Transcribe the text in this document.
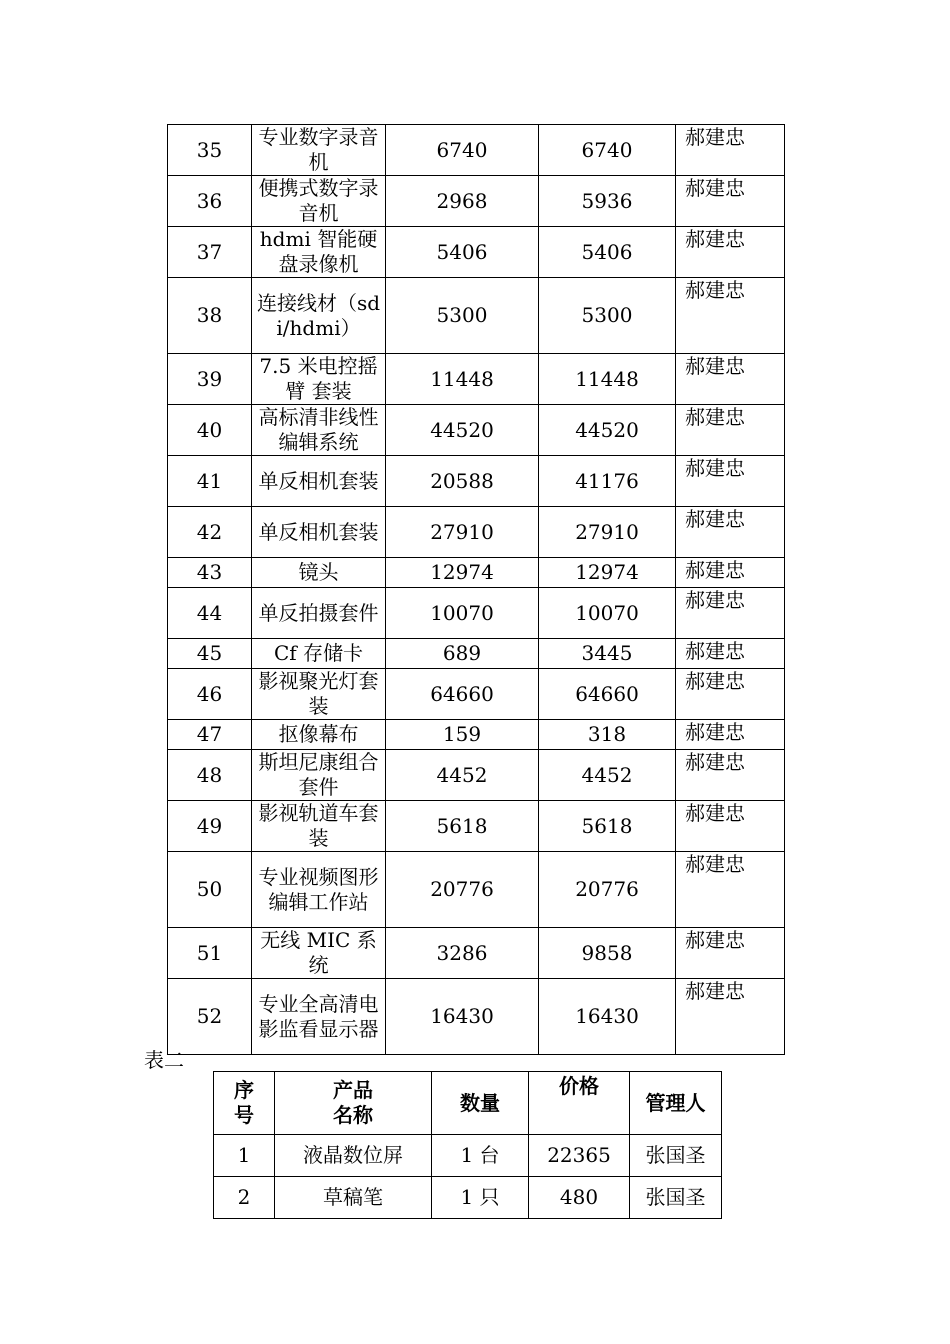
35	专业数字录音机	6740	6740	郝建忠
36	便携式数字录音机	2968	5936	郝建忠
37	hdmi 智能硬盘录像机	5406	5406	郝建忠
38	连接线材（sdi/hdmi）	5300	5300	郝建忠
39	7.5 米电控摇臂 套装	11448	11448	郝建忠
40	高标清非线性编辑系统	44520	44520	郝建忠
41	单反相机套装	20588	41176	郝建忠
42	单反相机套装	27910	27910	郝建忠
43	镜头	12974	12974	郝建忠
44	单反拍摄套件	10070	10070	郝建忠
45	Cf 存储卡	689	3445	郝建忠
46	影视聚光灯套装	64660	64660	郝建忠
47	抠像幕布	159	318	郝建忠
48	斯坦尼康组合套件	4452	4452	郝建忠
49	影视轨道车套装	5618	5618	郝建忠
50	专业视频图形编辑工作站	20776	20776	郝建忠
51	无线 MIC 系统	3286	9858	郝建忠
52	专业全高清电影监看显示器	16430	16430	郝建忠
表二
序号	产品名称	数量	价格	管理人
1	液晶数位屏	1 台	22365	张国圣
2	草稿笔	1 只	480	张国圣
